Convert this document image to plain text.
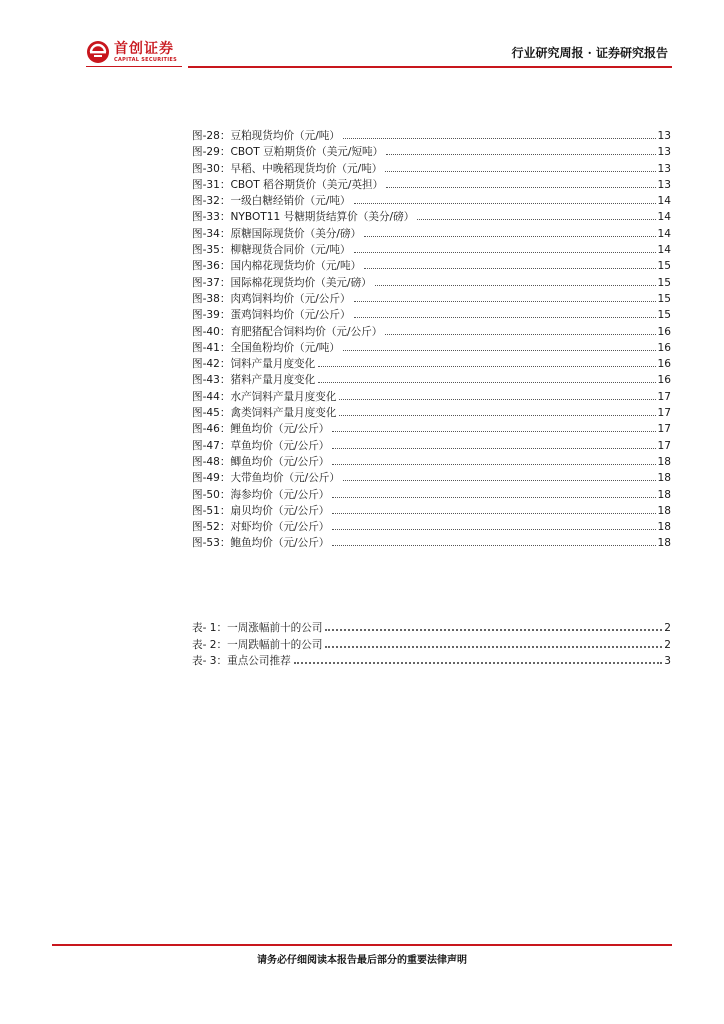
首创证券
CAPITAL SECURITIES	行业研究周报 · 证券研究报告
图-28：豆粕现货均价（元/吨）	13
图-29：CBOT 豆粕期货价（美元/短吨）	13
图-30：早稻、中晚稻现货均价（元/吨）	13
图-31：CBOT 稻谷期货价（美元/英担）	13
图-32：一级白糖经销价（元/吨）	14
图-33：NYBOT11 号糖期货结算价（美分/磅）	14
图-34：原糖国际现货价（美分/磅）	14
图-35：柳糖现货合同价（元/吨）	14
图-36：国内棉花现货均价（元/吨）	15
图-37：国际棉花现货均价（美元/磅）	15
图-38：肉鸡饲料均价（元/公斤）	15
图-39：蛋鸡饲料均价（元/公斤）	15
图-40：育肥猪配合饲料均价（元/公斤）	16
图-41：全国鱼粉均价（元/吨）	16
图-42：饲料产量月度变化	16
图-43：猪料产量月度变化	16
图-44：水产饲料产量月度变化	17
图-45：禽类饲料产量月度变化	17
图-46：鲤鱼均价（元/公斤）	17
图-47：草鱼均价（元/公斤）	17
图-48：鲫鱼均价（元/公斤）	18
图-49：大带鱼均价（元/公斤）	18
图-50：海参均价（元/公斤）	18
图-51：扇贝均价（元/公斤）	18
图-52：对虾均价（元/公斤）	18
图-53：鲍鱼均价（元/公斤）	18
表- 1：一周涨幅前十的公司	2
表- 2：一周跌幅前十的公司	2
表- 3：重点公司推荐	3
请务必仔细阅读本报告最后部分的重要法律声明
